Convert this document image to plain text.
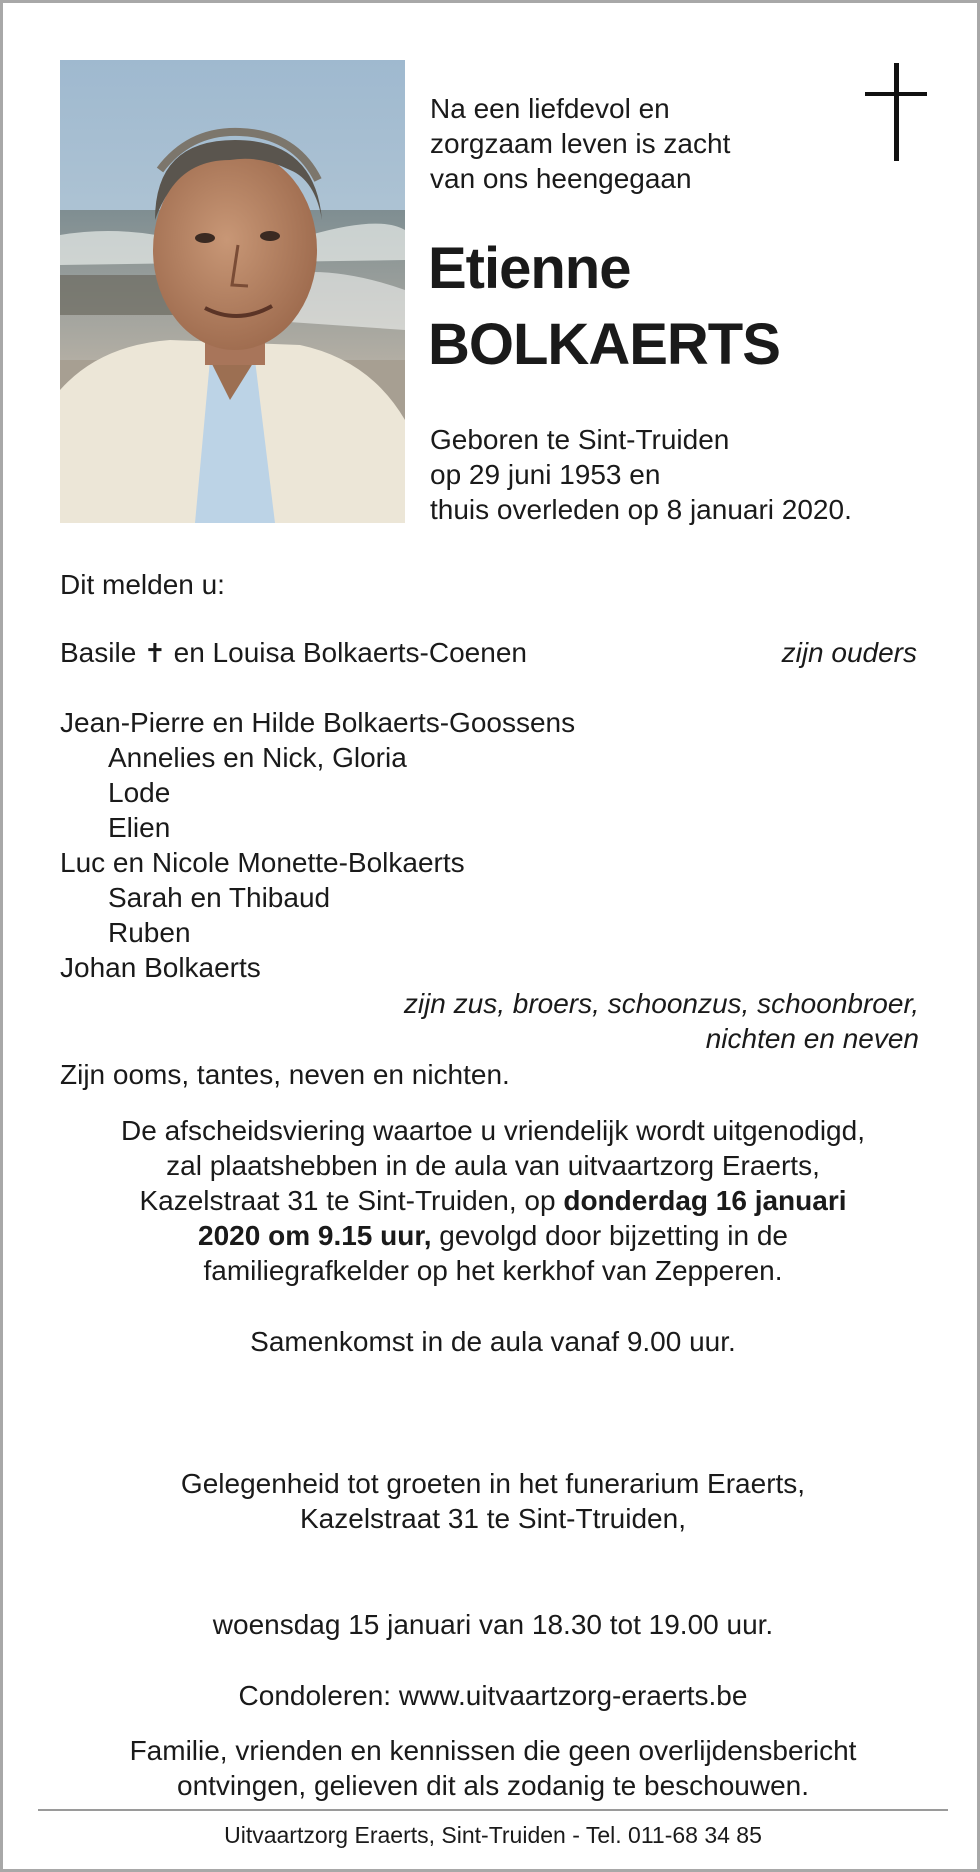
Na een liefdevol en
zorgzaam leven is zacht
van ons heengegaan
Etienne
BOLKAERTS
Geboren te Sint-Truiden
op 29 juni 1953 en
thuis overleden op 8 januari 2020.
Dit melden u:
Basile ✝ en Louisa Bolkaerts-Coenen	zijn ouders
Jean-Pierre en Hilde Bolkaerts-Goossens
Annelies en Nick, Gloria
Lode
Elien
Luc en Nicole Monette-Bolkaerts
Sarah en Thibaud
Ruben
Johan Bolkaerts
zijn zus, broers, schoonzus, schoonbroer,
nichten en neven
Zijn ooms, tantes, neven en nichten.
De afscheidsviering waartoe u vriendelijk wordt uitgenodigd,
zal plaatshebben in de aula van uitvaartzorg Eraerts,
Kazelstraat 31 te Sint-Truiden, op donderdag 16 januari
2020 om 9.15 uur, gevolgd door bijzetting in de
familiegrafkelder op het kerkhof van Zepperen.
Samenkomst in de aula vanaf 9.00 uur.
Gelegenheid tot groeten in het funerarium Eraerts,
Kazelstraat 31 te Sint-Ttruiden,
woensdag 15 januari van 18.30 tot 19.00 uur.
Condoleren: www.uitvaartzorg-eraerts.be
Familie, vrienden en kennissen die geen overlijdensbericht
ontvingen, gelieven dit als zodanig te beschouwen.
Uitvaartzorg Eraerts, Sint-Truiden - Tel. 011-68 34 85
